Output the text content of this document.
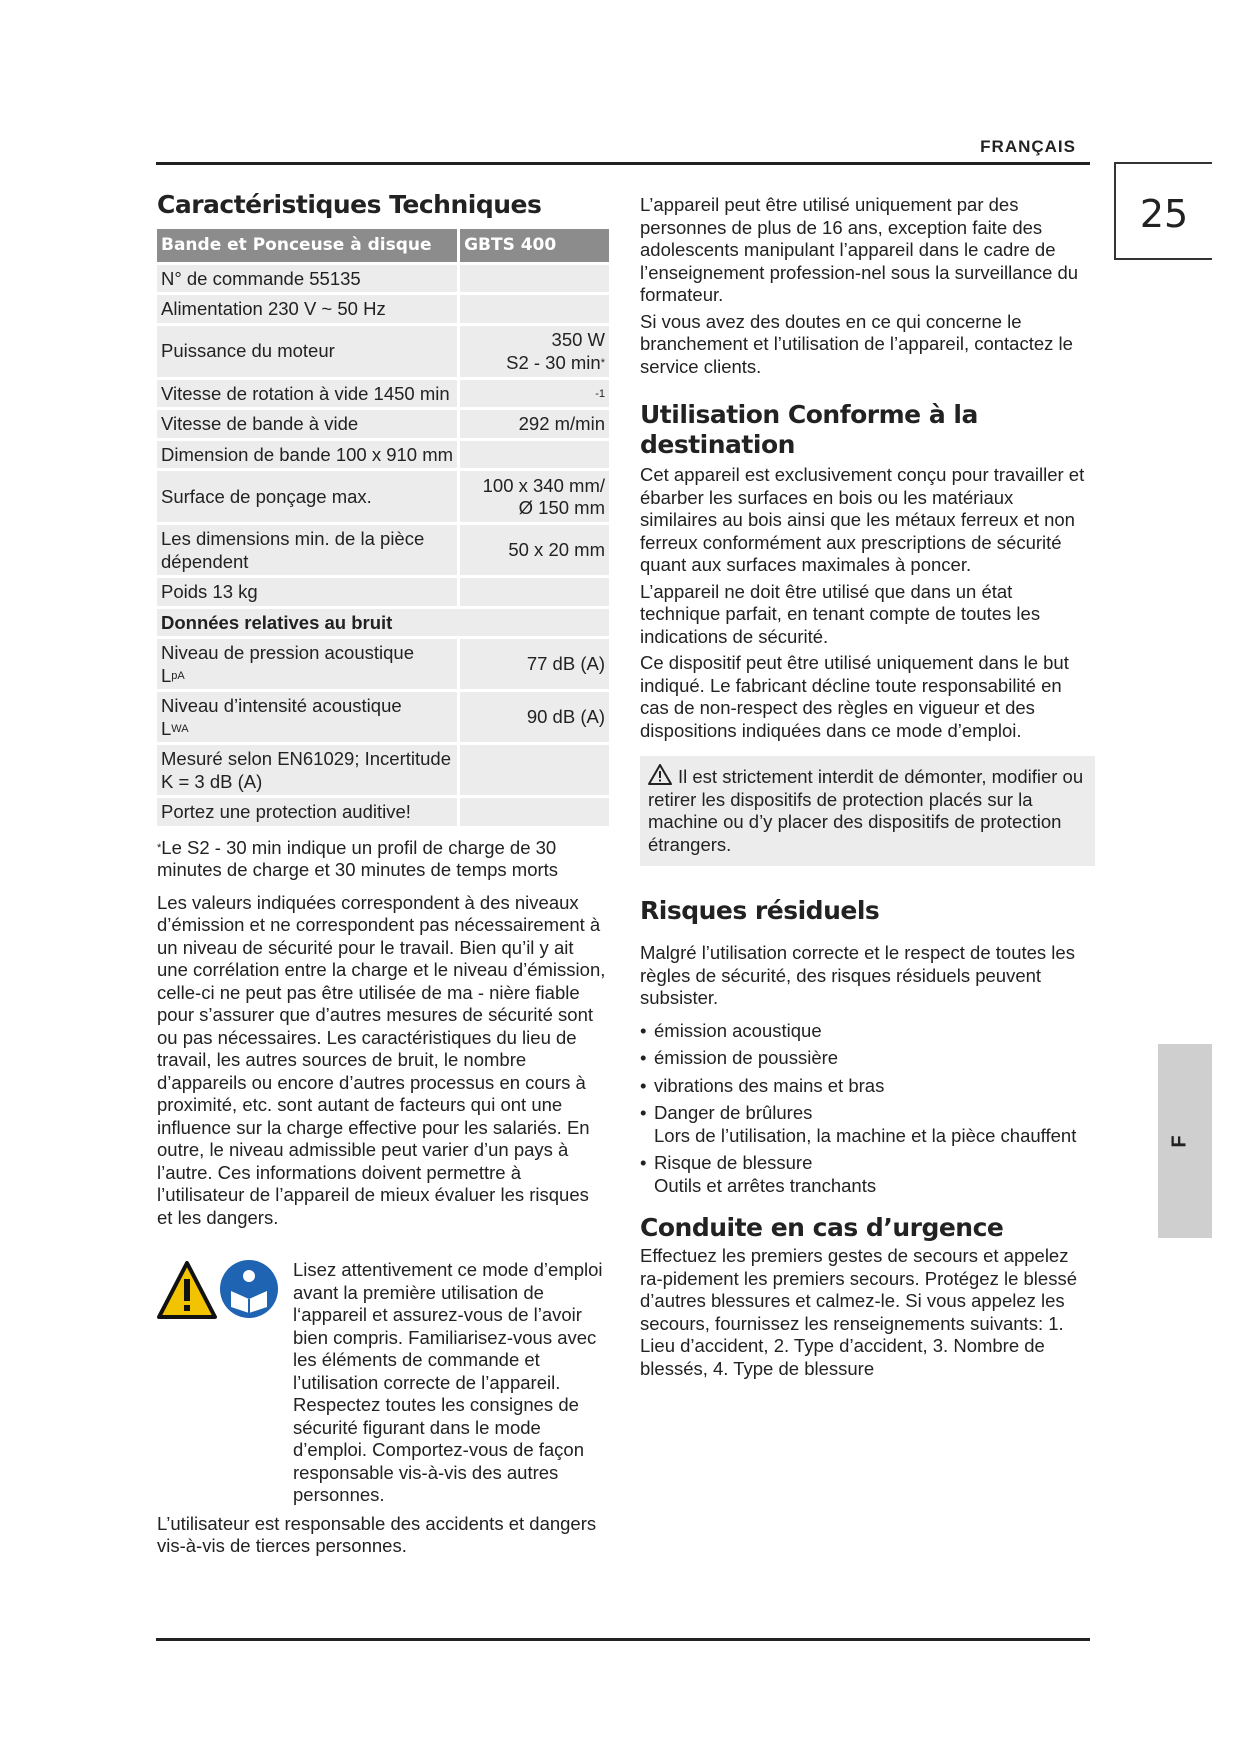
FRANÇAIS
25
F
Caractéristiques Techniques
Bande et Ponceuse à disque	GBTS 400
N° de commande 55135	
Alimentation 230 V ~ 50 Hz	
Puissance du moteur	350 W
S2 - 30 min*

Vitesse de rotation à vide 1450 min	$^{-1}$
Vitesse de bande à vide	292 m/min
Dimension de bande 100 x 910 mm	
Surface de ponçage max.	100 x 340 mm/
Ø 150 mm

Les dimensions min. de la pièce dépendent	50 x 20 mm
Poids 13 kg	
Données relatives au bruit	

Niveau de pression acoustique
LpA	77 dB (A)

Niveau d’intensité acoustique
LWA	90 dB (A)
Mesuré selon EN61029; Incertitude K = 3 dB (A)	
Portez une protection auditive!	

*Le S2 - 30 min indique un profil de charge de 30 minutes de charge et 30 minutes de temps morts

Les valeurs indiquées correspondent à des niveaux d’émission et ne correspondent pas nécessairement à un niveau de sécurité pour le travail. Bien qu’il y ait une corrélation entre la charge et le niveau d’émission, celle-ci ne peut pas être utilisée de ma - nière fiable pour s’assurer que d’autres mesures de sécurité sont ou pas nécessaires. Les caractéristiques du lieu de travail, les autres sources de bruit, le nombre d’appareils ou encore d’autres processus en cours à proximité, etc. sont autant de facteurs qui ont une influence sur la charge effective pour les salariés. En outre, le niveau admissible peut varier d’un pays à l’autre. Ces informations doivent permettre à l’utilisateur de l’appareil de mieux évaluer les risques et les dangers.

Lisez attentivement ce mode d’emploi avant la première utilisation de l‘appareil et assurez-vous de l’avoir bien compris. Familiarisez-vous avec les éléments de commande et l’utilisation correcte de l’appareil. Respectez toutes les consignes de sécurité figurant dans le mode d’emploi. Comportez-vous de façon responsable vis-à-vis des autres personnes.

L’utilisateur est responsable des accidents et dangers vis-à-vis de tierces personnes.

L’appareil peut être utilisé uniquement par des personnes de plus de 16 ans, exception faite des adolescents manipulant l’appareil dans le cadre de l’enseignement profession-nel sous la surveillance du formateur.

Si vous avez des doutes en ce qui concerne le branchement et l’utilisation de l’appareil, contactez le service clients.

Utilisation Conforme à la destination

Cet appareil est exclusivement conçu pour travailler et ébarber les surfaces en bois ou les matériaux similaires au bois ainsi que les métaux ferreux et non ferreux conformément aux prescriptions de sécurité quant aux surfaces maximales à poncer.

L’appareil ne doit être utilisé que dans un état technique parfait, en tenant compte de toutes les indications de sécurité.

Ce dispositif peut être utilisé uniquement dans le but indiqué. Le fabricant décline toute responsabilité en cas de non-respect des règles en vigueur et des dispositions indiquées dans ce mode d’emploi.

Il est strictement interdit de démonter, modifier ou retirer les dispositifs de protection placés sur la machine ou d’y placer des dispositifs de protection étrangers.

Risques résiduels

Malgré l’utilisation correcte et le respect de toutes les règles de sécurité, des risques résiduels peuvent subsister.

• émission acoustique
• émission de poussière
• vibrations des mains et bras
• Danger de brûlures
Lors de l’utilisation, la machine et la pièce chauffent
• Risque de blessure
Outils et arrêtes tranchants
Conduite en cas d’urgence

Effectuez les premiers gestes de secours et appelez ra-pidement les premiers secours. Protégez le blessé d’autres blessures et calmez-le. Si vous appelez les secours, fournissez les renseignements suivants: 1. Lieu d’accident, 2. Type d’accident, 3. Nombre de blessés, 4. Type de blessure
